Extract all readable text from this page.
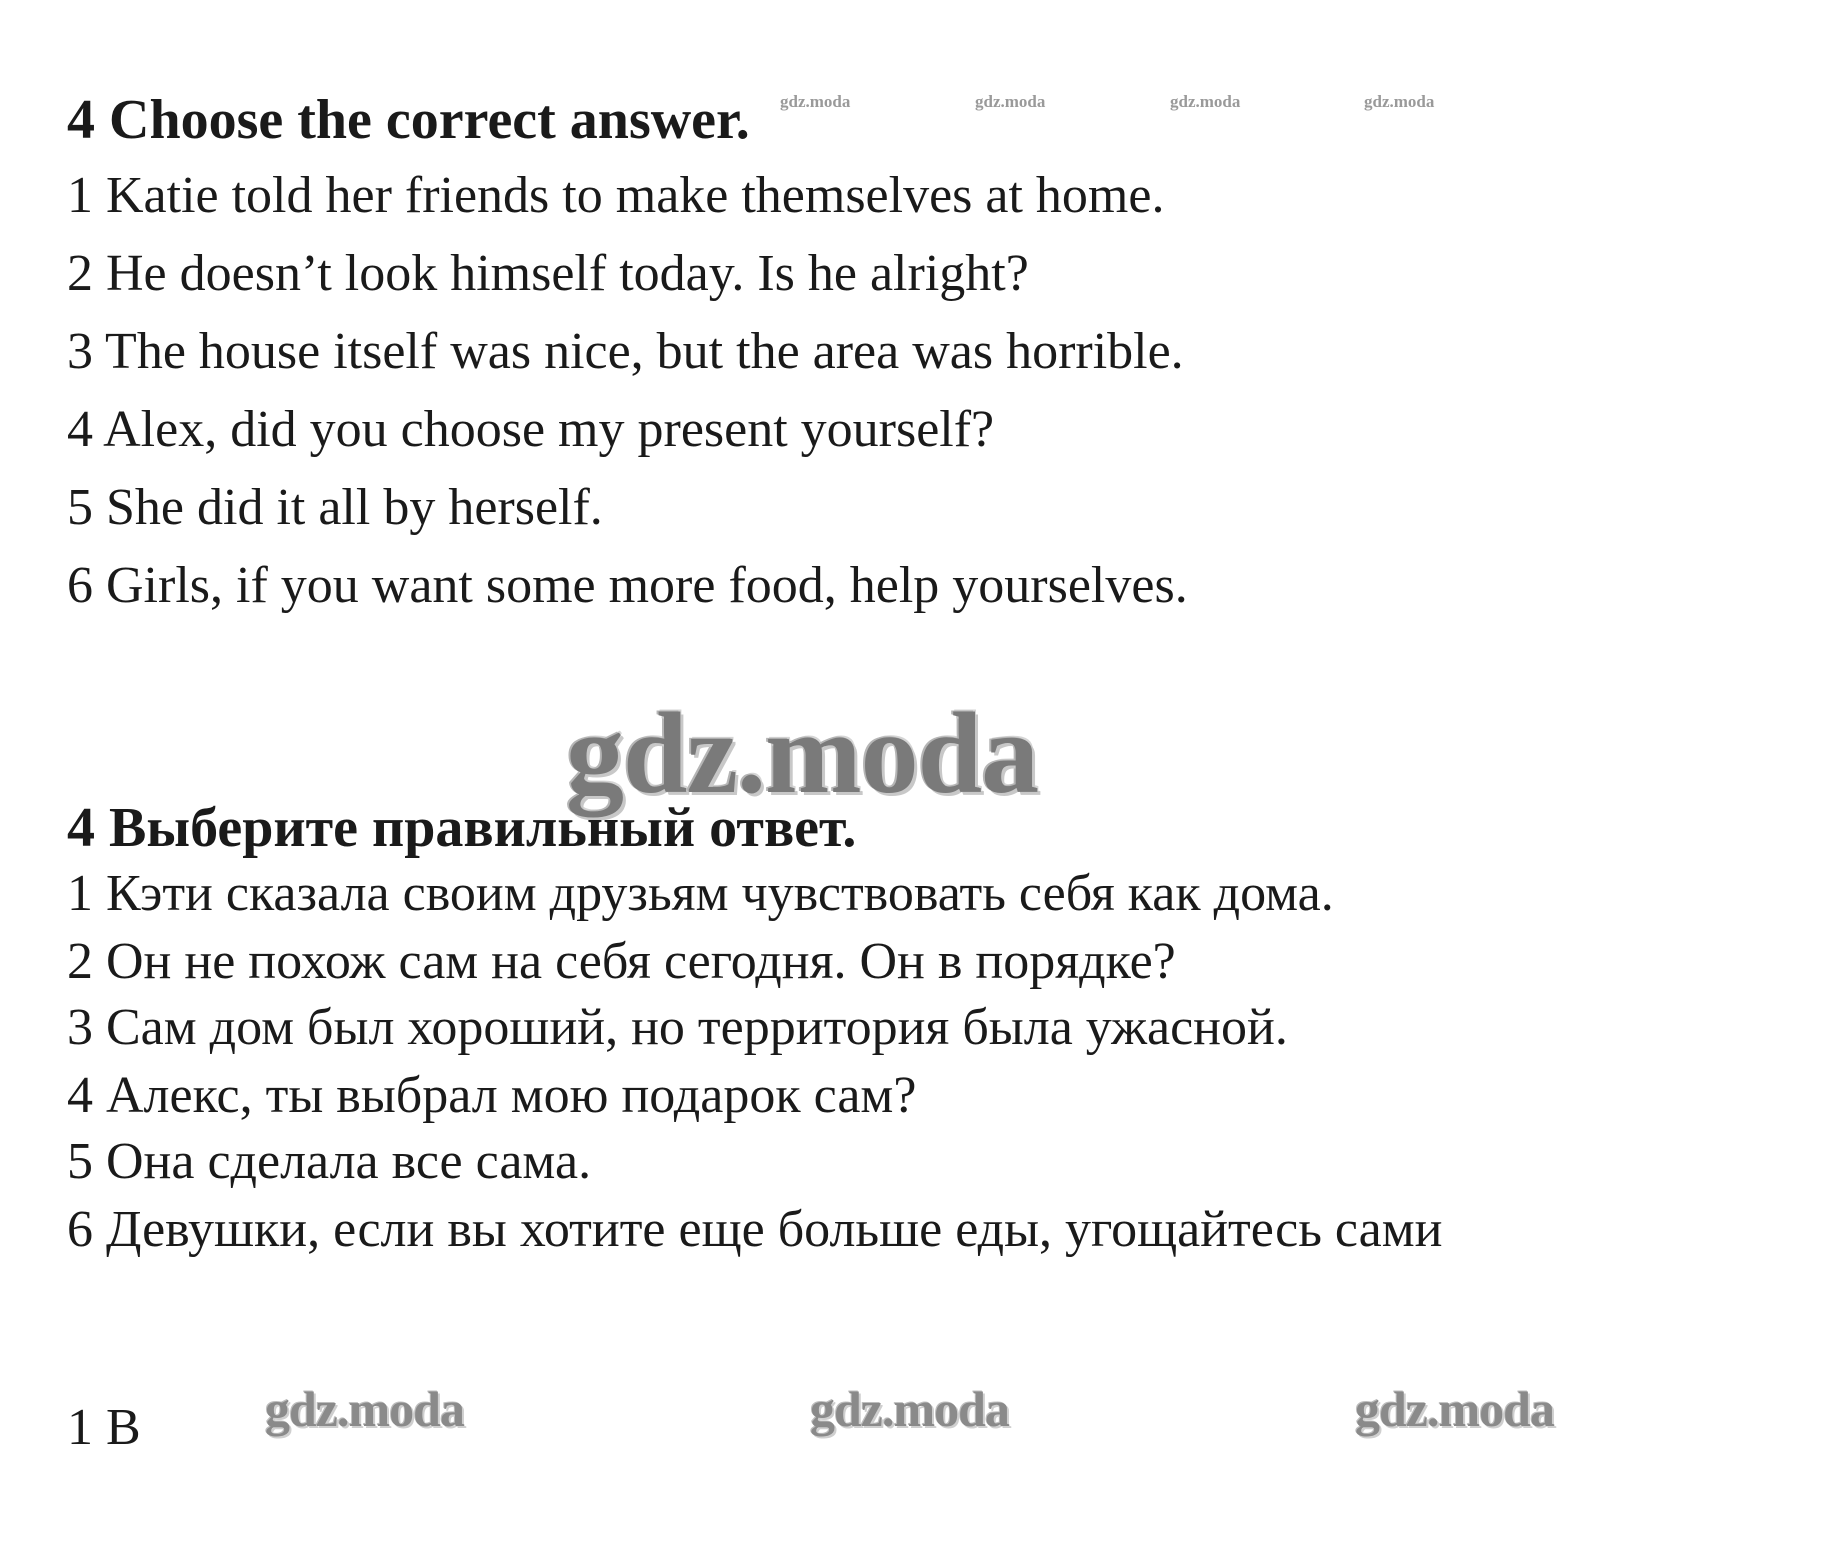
gdz.moda	gdz.moda	gdz.moda	gdz.moda
4 Choose the correct answer.
1 Katie told her friends to make themselves at home.
2 He doesn’t look himself today. Is he alright?
3 The house itself was nice, but the area was horrible.
4 Alex, did you choose my present yourself?
5 She did it all by herself.
6 Girls, if you want some more food, help yourselves.
gdz.moda
4 Выберите правильный ответ.
1 Кэти сказала своим друзьям чувствовать себя как дома.
2 Он не похож сам на себя сегодня. Он в порядке?
3 Сам дом был хороший, но территория была ужасной.
4 Алекс, ты выбрал мою подарок сам?
5 Она сделала все сама.
6 Девушки, если вы хотите еще больше еды, угощайтесь сами
1 B gdz.moda	gdz.moda	gdz.moda
